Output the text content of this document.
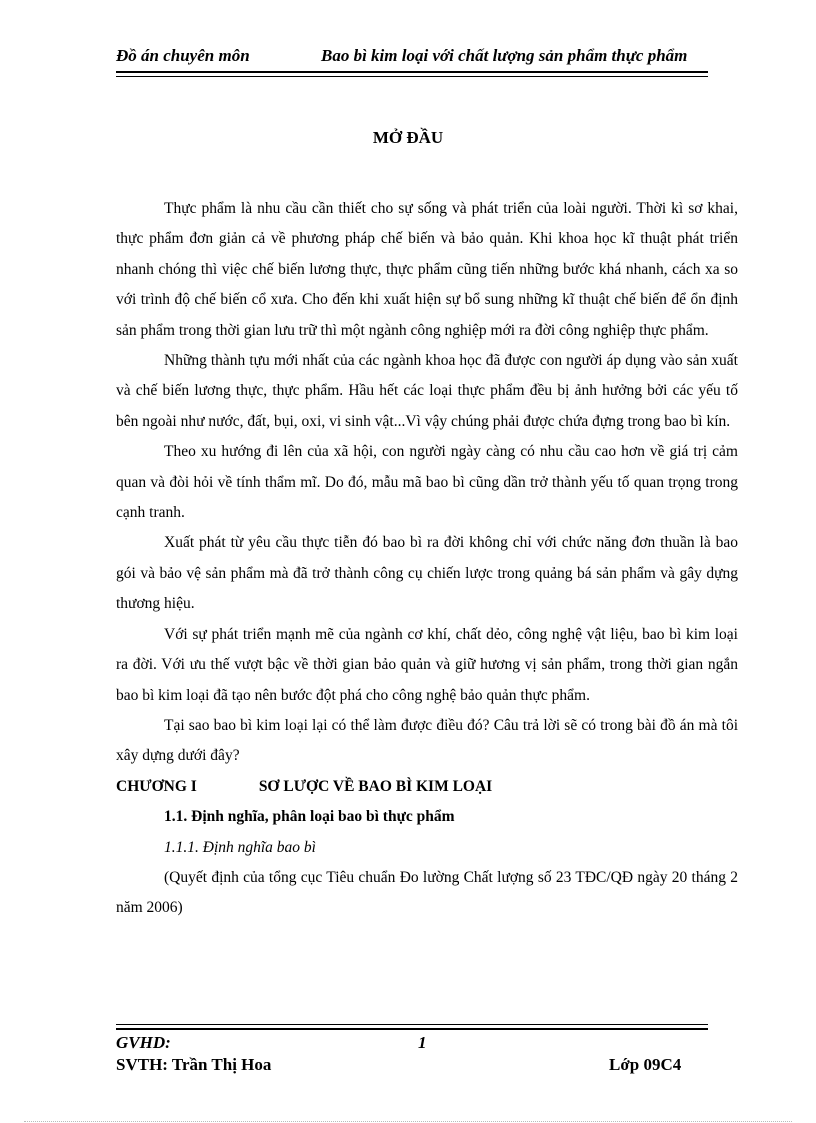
Đồ án chuyên môn	Bao bì kim loại với chất lượng sản phẩm thực phẩm
MỞ ĐẦU

Thực phẩm là nhu cầu cần thiết cho sự sống và phát triển của loài người. Thời kì sơ khai, thực phẩm đơn giản cả về phương pháp chế biến và bảo quản. Khi khoa học kĩ thuật phát triển nhanh chóng thì việc chế biến lương thực, thực phẩm cũng tiến những bước khá nhanh, cách xa so với trình độ chế biến cổ xưa. Cho đến khi xuất hiện sự bổ sung những kĩ thuật chế biến để ổn định sản phẩm trong thời gian lưu trữ thì một ngành công nghiệp mới ra đời công nghiệp thực phẩm.

Những thành tựu mới nhất của các ngành khoa học đã được con người áp dụng vào sản xuất và chế biến lương thực, thực phẩm. Hầu hết các loại thực phẩm đều bị ảnh hưởng bởi các yếu tố bên ngoài như nước, đất, bụi, oxi, vi sinh vật...Vì vậy chúng phải được chứa đựng trong bao bì kín.

Theo xu hướng đi lên của xã hội, con người ngày càng có nhu cầu cao hơn về giá trị cảm quan và đòi hỏi về tính thẩm mĩ. Do đó, mẫu mã bao bì cũng dần trở thành yếu tố quan trọng trong cạnh tranh.

Xuất phát từ yêu cầu thực tiễn đó bao bì ra đời không chỉ với chức năng đơn thuần là bao gói và bảo vệ sản phẩm mà đã trở thành công cụ chiến lược trong quảng bá sản phẩm và gây dựng thương hiệu.

Với sự phát triển mạnh mẽ của ngành cơ khí, chất dẻo, công nghệ vật liệu, bao bì kim loại ra đời. Với ưu thế vượt bậc về thời gian bảo quản và giữ hương vị sản phẩm, trong thời gian ngắn bao bì kim loại đã tạo nên bước đột phá cho công nghệ bảo quản thực phẩm.

Tại sao bao bì kim loại lại có thể làm được điều đó? Câu trả lời sẽ có trong bài đồ án mà tôi xây dựng dưới đây?

CHƯƠNG I	SƠ LƯỢC VỀ BAO BÌ KIM LOẠI

1.1. Định nghĩa, phân loại bao bì thực phẩm

1.1.1. Định nghĩa bao bì

(Quyết định của tổng cục Tiêu chuẩn Đo lường Chất lượng số 23 TĐC/QĐ ngày 20 tháng 2 năm 2006)

GVHD:	1
SVTH: Trần Thị Hoa	Lớp 09C4
